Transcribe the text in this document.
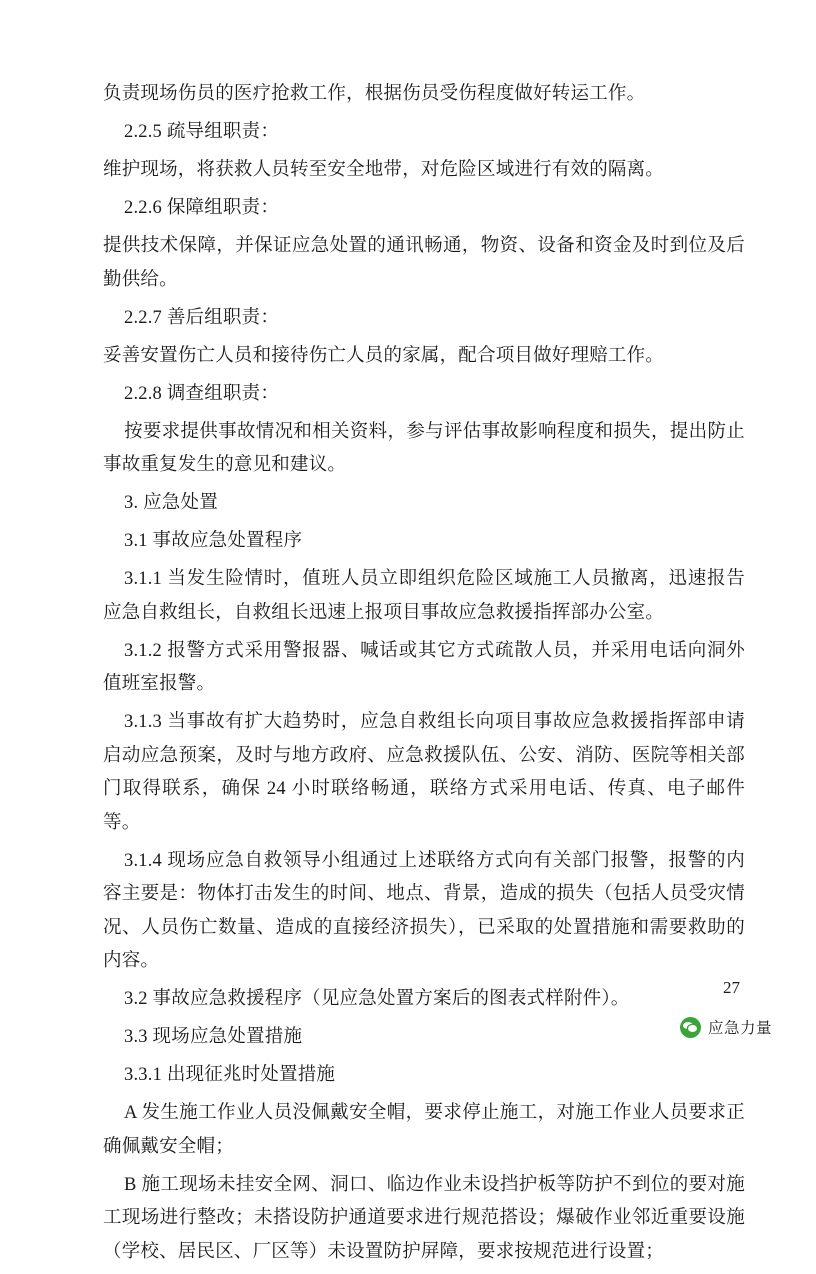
负责现场伤员的医疗抢救工作，根据伤员受伤程度做好转运工作。

2.2.5 疏导组职责：

维护现场，将获救人员转至安全地带，对危险区域进行有效的隔离。

2.2.6 保障组职责：

提供技术保障，并保证应急处置的通讯畅通，物资、设备和资金及时到位及后勤供给。

2.2.7 善后组职责：

妥善安置伤亡人员和接待伤亡人员的家属，配合项目做好理赔工作。

2.2.8 调查组职责：

按要求提供事故情况和相关资料，参与评估事故影响程度和损失，提出防止事故重复发生的意见和建议。

3. 应急处置

3.1 事故应急处置程序

3.1.1 当发生险情时，值班人员立即组织危险区域施工人员撤离，迅速报告应急自救组长，自救组长迅速上报项目事故应急救援指挥部办公室。

3.1.2 报警方式采用警报器、喊话或其它方式疏散人员，并采用电话向洞外值班室报警。

3.1.3 当事故有扩大趋势时，应急自救组长向项目事故应急救援指挥部申请启动应急预案，及时与地方政府、应急救援队伍、公安、消防、医院等相关部门取得联系，确保 24 小时联络畅通，联络方式采用电话、传真、电子邮件等。

3.1.4 现场应急自救领导小组通过上述联络方式向有关部门报警，报警的内容主要是：物体打击发生的时间、地点、背景，造成的损失（包括人员受灾情况、人员伤亡数量、造成的直接经济损失），已采取的处置措施和需要救助的内容。

3.2 事故应急救援程序（见应急处置方案后的图表式样附件）。

3.3 现场应急处置措施

3.3.1 出现征兆时处置措施

A 发生施工作业人员没佩戴安全帽，要求停止施工，对施工作业人员要求正确佩戴安全帽；

B 施工现场未挂安全网、洞口、临边作业未设挡护板等防护不到位的要对施工现场进行整改；未搭设防护通道要求进行规范搭设；爆破作业邻近重要设施（学校、居民区、厂区等）未设置防护屏障，要求按规范进行设置；

27
应急力量
